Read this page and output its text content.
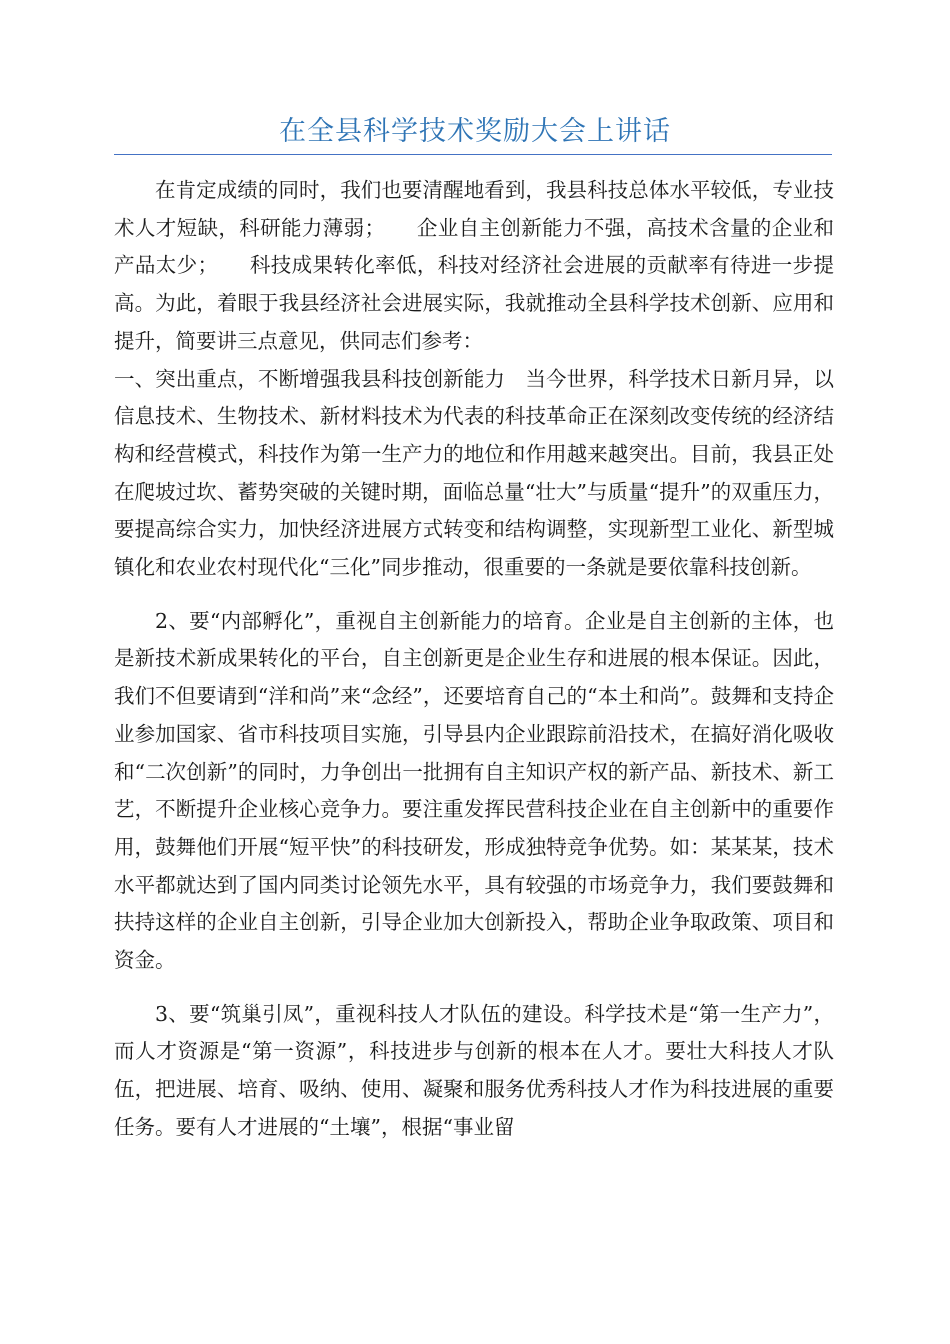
在全县科学技术奖励大会上讲话

在肯定成绩的同时，我们也要清醒地看到，我县科技总体水平较低，专业技术人才短缺，科研能力薄弱；　　企业自主创新能力不强，高技术含量的企业和产品太少；　　科技成果转化率低，科技对经济社会进展的贡献率有待进一步提高。为此，着眼于我县经济社会进展实际，我就推动全县科学技术创新、应用和提升，简要讲三点意见，供同志们参考：

一、突出重点，不断增强我县科技创新能力　当今世界，科学技术日新月异，以信息技术、生物技术、新材料技术为代表的科技革命正在深刻改变传统的经济结构和经营模式，科技作为第一生产力的地位和作用越来越突出。目前，我县正处在爬坡过坎、蓄势突破的关键时期，面临总量“壮大”与质量“提升”的双重压力，要提高综合实力，加快经济进展方式转变和结构调整，实现新型工业化、新型城镇化和农业农村现代化“三化”同步推动，很重要的一条就是要依靠科技创新。

2、要“内部孵化”，重视自主创新能力的培育。企业是自主创新的主体，也是新技术新成果转化的平台，自主创新更是企业生存和进展的根本保证。因此，我们不但要请到“洋和尚”来“念经”，还要培育自己的“本土和尚”。鼓舞和支持企业参加国家、省市科技项目实施，引导县内企业跟踪前沿技术，在搞好消化吸收和“二次创新”的同时，力争创出一批拥有自主知识产权的新产品、新技术、新工艺，不断提升企业核心竞争力。要注重发挥民营科技企业在自主创新中的重要作用，鼓舞他们开展“短平快”的科技研发，形成独特竞争优势。如：某某某，技术水平都就达到了国内同类讨论领先水平，具有较强的市场竞争力，我们要鼓舞和扶持这样的企业自主创新，引导企业加大创新投入，帮助企业争取政策、项目和资金。

3、要“筑巢引凤”，重视科技人才队伍的建设。科学技术是“第一生产力”，而人才资源是“第一资源”，科技进步与创新的根本在人才。要壮大科技人才队伍，把进展、培育、吸纳、使用、凝聚和服务优秀科技人才作为科技进展的重要任务。要有人才进展的“土壤”，根据“事业留
